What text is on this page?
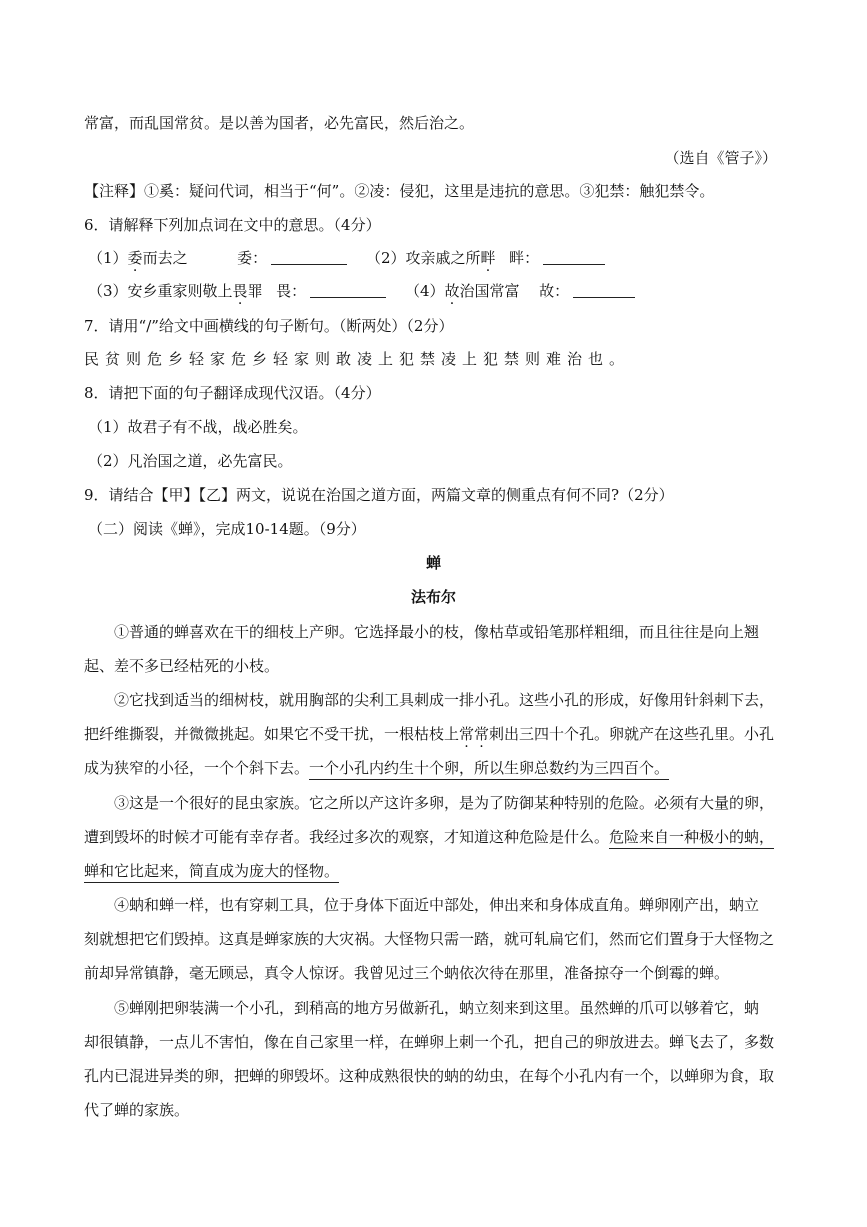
常富，而乱国常贫。是以善为国者，必先富民，然后治之。
（选自《管子》）
【注释】①奚：疑问代词，相当于“何”。②凌：侵犯，这里是违抗的意思。③犯禁：触犯禁令。
6．请解释下列加点词在文中的意思。（4分）
（1）委而去之	委：	（2）攻亲戚之所畔 畔：
（3）安乡重家则敬上畏罪 畏：	（4）故治国常富 故：
7．请用“/”给文中画横线的句子断句。（断两处）（2分）
民贫则危乡轻家危乡轻家则敢凌上犯禁凌上犯禁则难治也。
8．请把下面的句子翻译成现代汉语。（4分）
（1）故君子有不战，战必胜矣。
（2）凡治国之道，必先富民。
9．请结合【甲】【乙】两文，说说在治国之道方面，两篇文章的侧重点有何不同?（2分）
（二）阅读《蝉》，完成10-14题。（9分）
蝉
法布尔
①普通的蝉喜欢在干的细枝上产卵。它选择最小的枝，像枯草或铅笔那样粗细，而且往往是向上翘
起、差不多已经枯死的小枝。
②它找到适当的细树枝，就用胸部的尖利工具刺成一排小孔。这些小孔的形成，好像用针斜刺下去，
把纤维撕裂，并微微挑起。如果它不受干扰，一根枯枝上常常刺出三四十个孔。卵就产在这些孔里。小孔
成为狭窄的小径，一个个斜下去。一个小孔内约生十个卵，所以生卵总数约为三四百个。
③这是一个很好的昆虫家族。它之所以产这许多卵，是为了防御某种特别的危险。必须有大量的卵，
遭到毁坏的时候才可能有幸存者。我经过多次的观察，才知道这种危险是什么。危险来自一种极小的蚋，
蝉和它比起来，简直成为庞大的怪物。
④蚋和蝉一样，也有穿刺工具，位于身体下面近中部处，伸出来和身体成直角。蝉卵刚产出，蚋立
刻就想把它们毁掉。这真是蝉家族的大灾祸。大怪物只需一踏，就可轧扁它们，然而它们置身于大怪物之
前却异常镇静，毫无顾忌，真令人惊讶。我曾见过三个蚋依次待在那里，准备掠夺一个倒霉的蝉。
⑤蝉刚把卵装满一个小孔，到稍高的地方另做新孔，蚋立刻来到这里。虽然蝉的爪可以够着它，蚋
却很镇静，一点儿不害怕，像在自己家里一样，在蝉卵上刺一个孔，把自己的卵放进去。蝉飞去了，多数
孔内已混进异类的卵，把蝉的卵毁坏。这种成熟很快的蚋的幼虫，在每个小孔内有一个，以蝉卵为食，取
代了蝉的家族。
